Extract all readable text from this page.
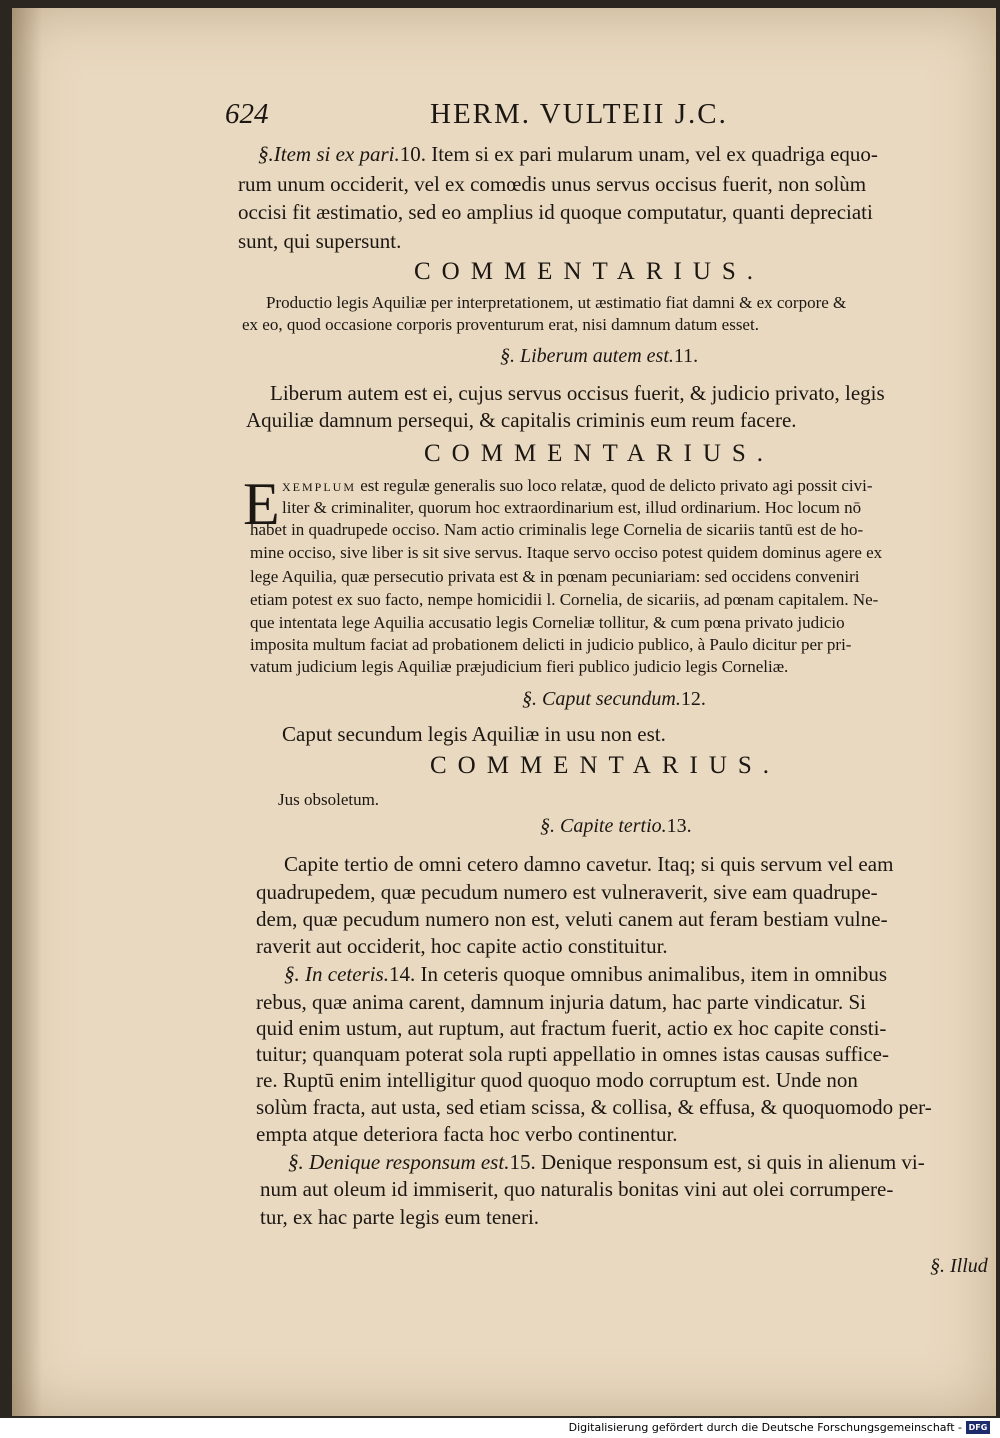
624	HERM. VULTEII J.C.
§.Item si ex pari.10. Item si ex pari mularum unam, vel ex quadriga equo-
rum unum occiderit, vel ex comœdis unus servus occisus fuerit, non solùm
occisi fit æstimatio, sed eo amplius id quoque computatur, quanti depreciati
sunt, qui supersunt.
COMMENTARIUS.
Productio legis Aquiliæ per interpretationem, ut æstimatio fiat damni & ex corpore &
ex eo, quod occasione corporis proventurum erat, nisi damnum datum esset.
§. Liberum autem est.11.
Liberum autem est ei, cujus servus occisus fuerit, & judicio privato, legis
Aquiliæ damnum persequi, & capitalis criminis eum reum facere.
COMMENTARIUS.
E XEMPLUM est regulæ generalis suo loco relatæ, quod de delicto privato agi possit civi-
liter & criminaliter, quorum hoc extraordinarium est, illud ordinarium. Hoc locum nō
habet in quadrupede occiso. Nam actio criminalis lege Cornelia de sicariis tantū est de ho-
mine occiso, sive liber is sit sive servus. Itaque servo occiso potest quidem dominus agere ex
lege Aquilia, quæ persecutio privata est & in pœnam pecuniariam: sed occidens conveniri
etiam potest ex suo facto, nempe homicidii l. Cornelia, de sicariis, ad pœnam capitalem. Ne-
que intentata lege Aquilia accusatio legis Corneliæ tollitur, & cum pœna privato judicio
imposita multum faciat ad probationem delicti in judicio publico, à Paulo dicitur per pri-
vatum judicium legis Aquiliæ præjudicium fieri publico judicio legis Corneliæ.
§. Caput secundum.12.
Caput secundum legis Aquiliæ in usu non est.
COMMENTARIUS.
Jus obsoletum.
§. Capite tertio.13.
Capite tertio de omni cetero damno cavetur. Itaq; si quis servum vel eam
quadrupedem, quæ pecudum numero est vulneraverit, sive eam quadrupe-
dem, quæ pecudum numero non est, veluti canem aut feram bestiam vulne-
raverit aut occiderit, hoc capite actio constituitur.
§. In ceteris.14. In ceteris quoque omnibus animalibus, item in omnibus
rebus, quæ anima carent, damnum injuria datum, hac parte vindicatur. Si
quid enim ustum, aut ruptum, aut fractum fuerit, actio ex hoc capite consti-
tuitur; quanquam poterat sola rupti appellatio in omnes istas causas suffice-
re. Ruptū enim intelligitur quod quoquo modo corruptum est. Unde non
solùm fracta, aut usta, sed etiam scissa, & collisa, & effusa, & quoquomodo per-
empta atque deteriora facta hoc verbo continentur.
§. Denique responsum est.15. Denique responsum est, si quis in alienum vi-
num aut oleum id immiserit, quo naturalis bonitas vini aut olei corrumpere-
tur, ex hac parte legis eum teneri.
§. Illud
Digitalisierung gefördert durch die Deutsche Forschungsgemeinschaft - DFG
